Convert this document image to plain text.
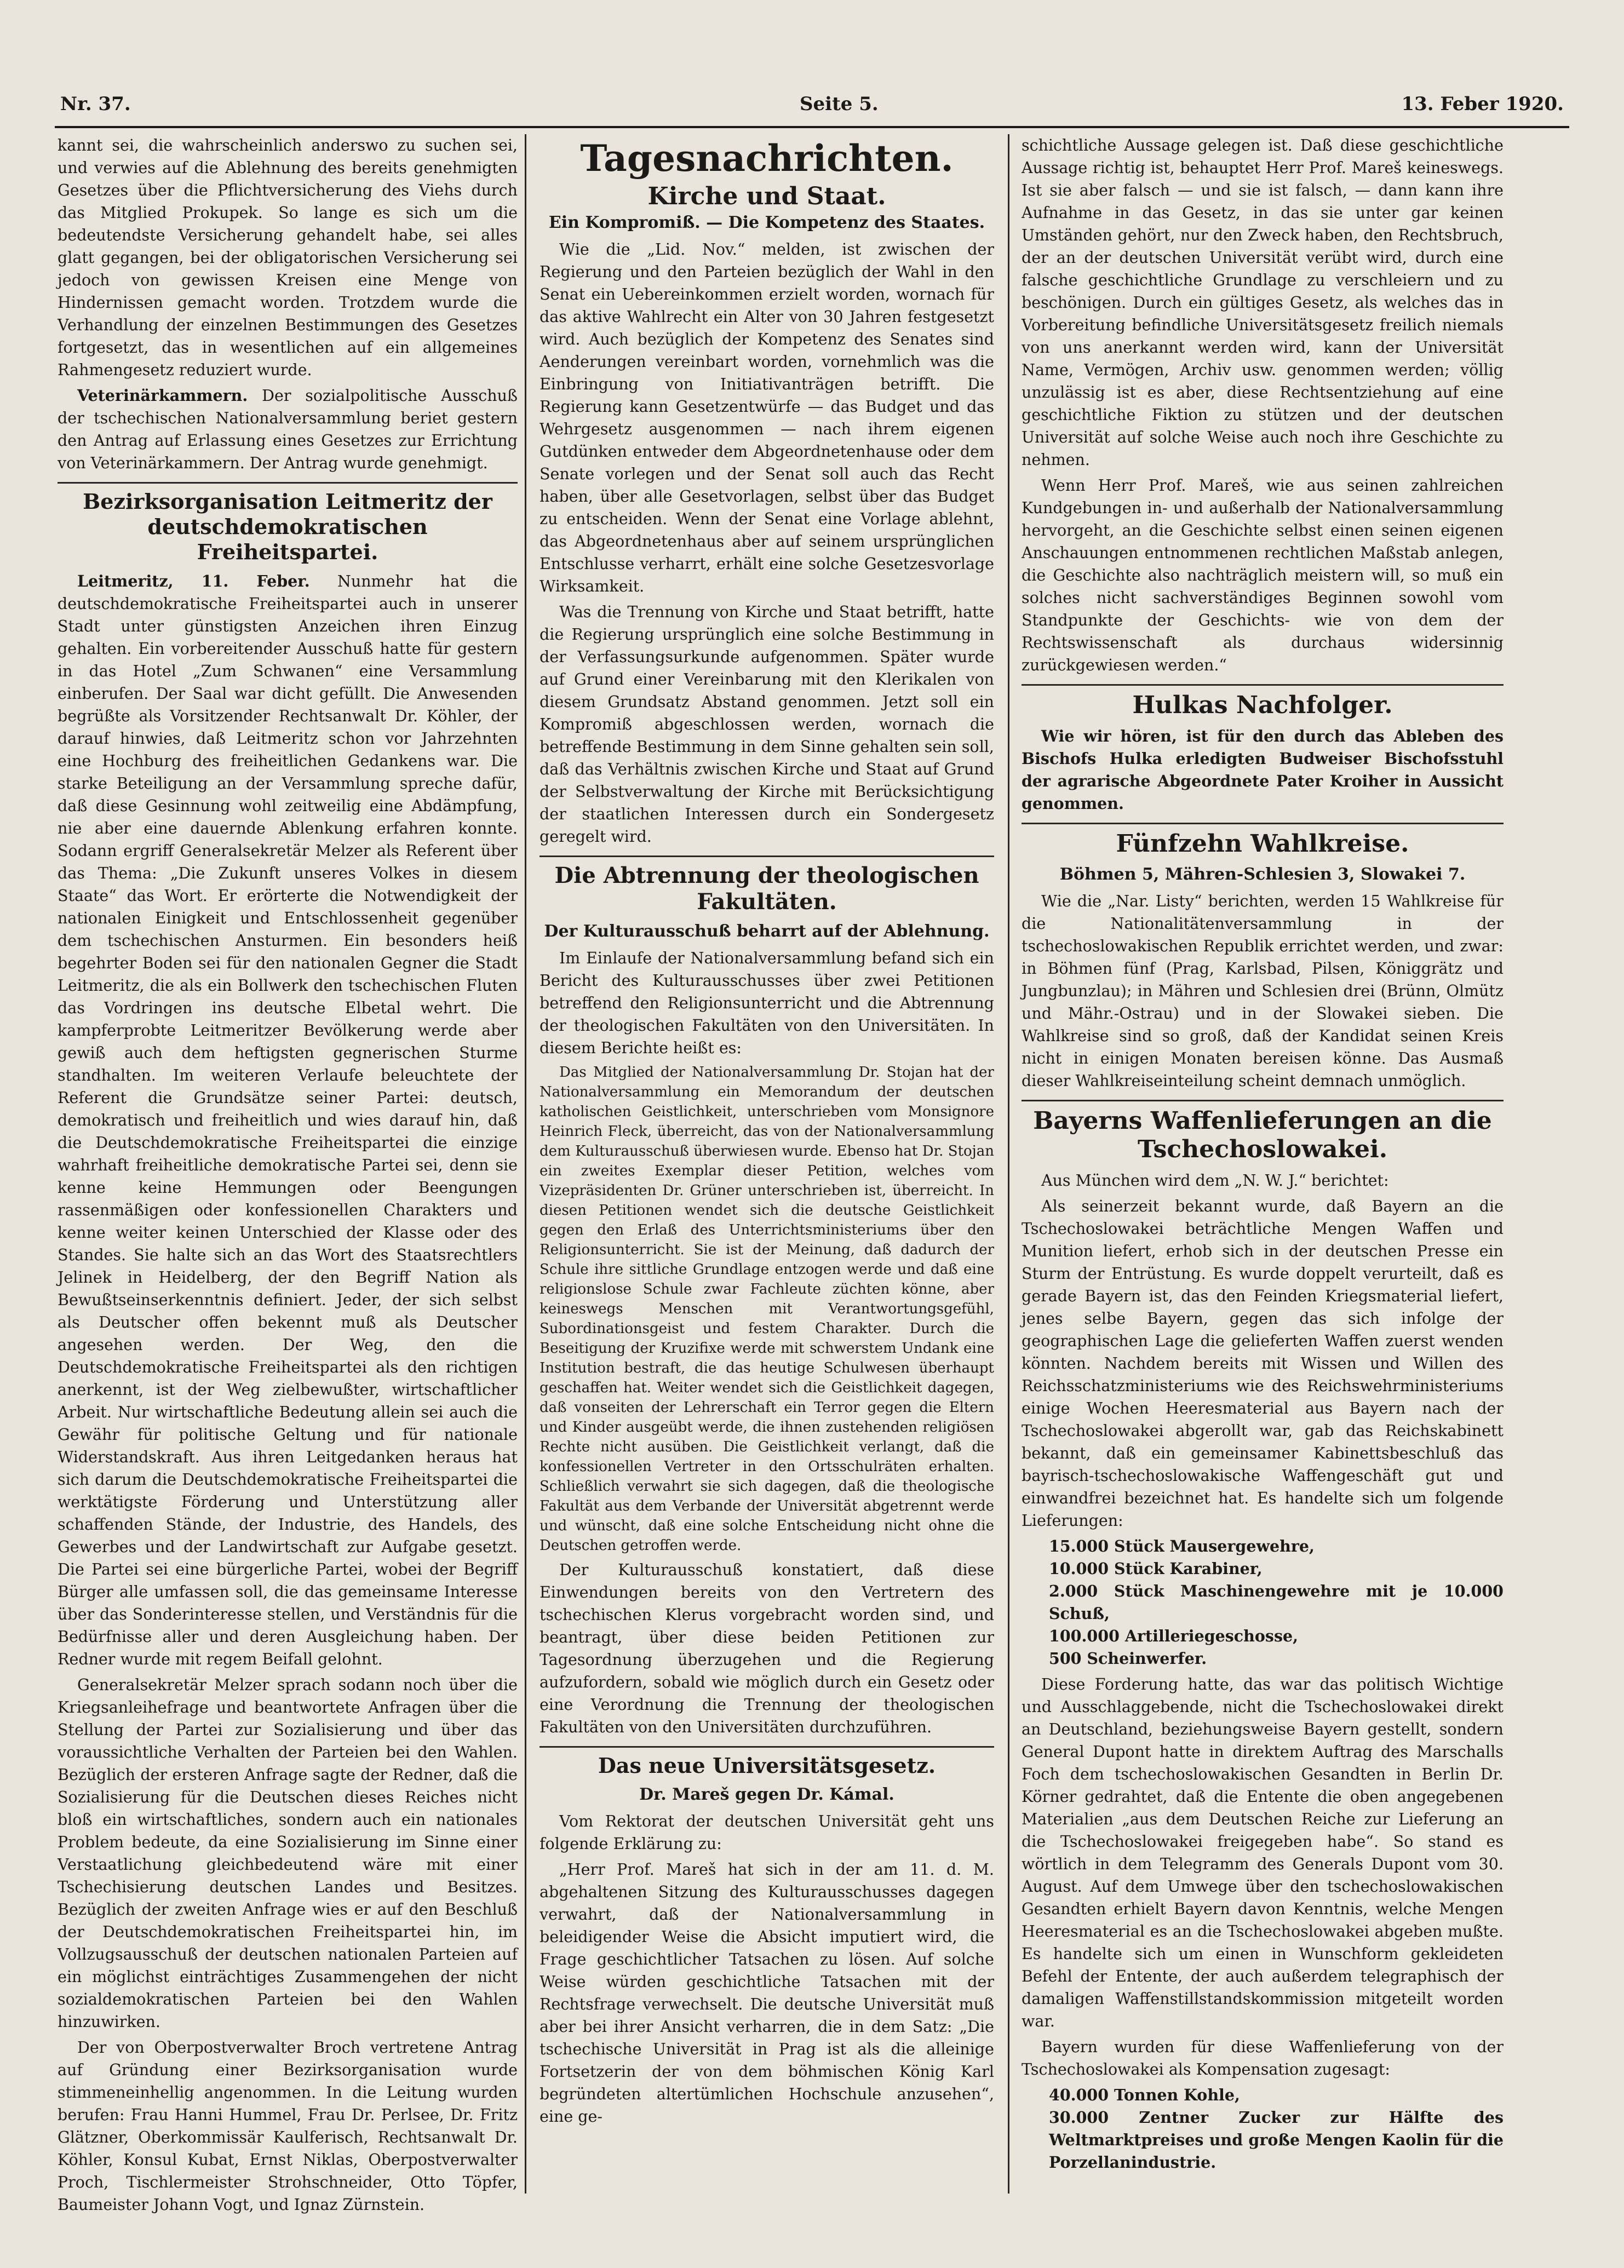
Nr. 37.	Seite 5.	13. Feber 1920.

kannt sei, die wahrscheinlich anderswo zu suchen sei, und verwies auf die Ablehnung des bereits genehmigten Gesetzes über die Pflichtversicherung des Viehs durch das Mitglied Prokupek. So lange es sich um die bedeutendste Versicherung gehandelt habe, sei alles glatt gegangen, bei der obligatorischen Versicherung sei jedoch von gewissen Kreisen eine Menge von Hindernissen gemacht worden. Trotzdem wurde die Verhandlung der einzelnen Bestimmungen des Gesetzes fortgesetzt, das in wesentlichen auf ein allgemeines Rahmengesetz reduziert wurde.

Veterinärkammern. Der sozialpolitische Ausschuß der tschechischen Nationalversammlung beriet gestern den Antrag auf Erlassung eines Gesetzes zur Errichtung von Veterinärkammern. Der Antrag wurde genehmigt.

Bezirksorganisation Leitmeritz der deutschdemokratischen Freiheitspartei.

Leitmeritz, 11. Feber. Nunmehr hat die deutschdemokratische Freiheitspartei auch in unserer Stadt unter günstigsten Anzeichen ihren Einzug gehalten. Ein vorbereitender Ausschuß hatte für gestern in das Hotel „Zum Schwanen“ eine Versammlung einberufen. Der Saal war dicht gefüllt. Die Anwesenden begrüßte als Vorsitzender Rechtsanwalt Dr. Köhler, der darauf hinwies, daß Leitmeritz schon vor Jahrzehnten eine Hochburg des freiheitlichen Gedankens war. Die starke Beteiligung an der Versammlung spreche dafür, daß diese Gesinnung wohl zeitweilig eine Abdämpfung, nie aber eine dauernde Ablenkung erfahren konnte. Sodann ergriff Generalsekretär Melzer als Referent über das Thema: „Die Zukunft unseres Volkes in diesem Staate“ das Wort. Er erörterte die Notwendigkeit der nationalen Einigkeit und Entschlossenheit gegenüber dem tschechischen Ansturmen. Ein besonders heiß begehrter Boden sei für den nationalen Gegner die Stadt Leitmeritz, die als ein Bollwerk den tschechischen Fluten das Vordringen ins deutsche Elbetal wehrt. Die kampferprobte Leitmeritzer Bevölkerung werde aber gewiß auch dem heftigsten gegnerischen Sturme standhalten. Im weiteren Verlaufe beleuchtete der Referent die Grundsätze seiner Partei: deutsch, demokratisch und freiheitlich und wies darauf hin, daß die Deutschdemokratische Freiheitspartei die einzige wahrhaft freiheitliche demokratische Partei sei, denn sie kenne keine Hemmungen oder Beengungen rassenmäßigen oder konfessionellen Charakters und kenne weiter keinen Unterschied der Klasse oder des Standes. Sie halte sich an das Wort des Staatsrechtlers Jelinek in Heidelberg, der den Begriff Nation als Bewußtseinserkenntnis definiert. Jeder, der sich selbst als Deutscher offen bekennt muß als Deutscher angesehen werden. Der Weg, den die Deutschdemokratische Freiheitspartei als den richtigen anerkennt, ist der Weg zielbewußter, wirtschaftlicher Arbeit. Nur wirtschaftliche Bedeutung allein sei auch die Gewähr für politische Geltung und für nationale Widerstandskraft. Aus ihren Leitgedanken heraus hat sich darum die Deutschdemokratische Freiheitspartei die werktätigste Förderung und Unterstützung aller schaffenden Stände, der Industrie, des Handels, des Gewerbes und der Landwirtschaft zur Aufgabe gesetzt. Die Partei sei eine bürgerliche Partei, wobei der Begriff Bürger alle umfassen soll, die das gemeinsame Interesse über das Sonderinteresse stellen, und Verständnis für die Bedürfnisse aller und deren Ausgleichung haben. Der Redner wurde mit regem Beifall gelohnt.

Generalsekretär Melzer sprach sodann noch über die Kriegsanleihefrage und beantwortete Anfragen über die Stellung der Partei zur Sozialisierung und über das voraussichtliche Verhalten der Parteien bei den Wahlen. Bezüglich der ersteren Anfrage sagte der Redner, daß die Sozialisierung für die Deutschen dieses Reiches nicht bloß ein wirtschaftliches, sondern auch ein nationales Problem bedeute, da eine Sozialisierung im Sinne einer Verstaatlichung gleichbedeutend wäre mit einer Tschechisierung deutschen Landes und Besitzes. Bezüglich der zweiten Anfrage wies er auf den Beschluß der Deutschdemokratischen Freiheitspartei hin, im Vollzugsausschuß der deutschen nationalen Parteien auf ein möglichst einträchtiges Zusammengehen der nicht sozialdemokratischen Parteien bei den Wahlen hinzuwirken.

Der von Oberpostverwalter Broch vertretene Antrag auf Gründung einer Bezirksorganisation wurde stimmeneinhellig angenommen. In die Leitung wurden berufen: Frau Hanni Hummel, Frau Dr. Perlsee, Dr. Fritz Glätzner, Oberkommissär Kaulferisch, Rechtsanwalt Dr. Köhler, Konsul Kubat, Ernst Niklas, Oberpostverwalter Proch, Tischlermeister Strohschneider, Otto Töpfer, Baumeister Johann Vogt, und Ignaz Zürnstein.

Tagesnachrichten.
Kirche und Staat.
Ein Kompromiß. — Die Kompetenz des Staates.

Wie die „Lid. Nov.“ melden, ist zwischen der Regierung und den Parteien bezüglich der Wahl in den Senat ein Uebereinkommen erzielt worden, wornach für das aktive Wahlrecht ein Alter von 30 Jahren festgesetzt wird. Auch bezüglich der Kompetenz des Senates sind Aenderungen vereinbart worden, vornehmlich was die Einbringung von Initiativanträgen betrifft. Die Regierung kann Gesetzentwürfe — das Budget und das Wehrgesetz ausgenommen — nach ihrem eigenen Gutdünken entweder dem Abgeordnetenhause oder dem Senate vorlegen und der Senat soll auch das Recht haben, über alle Gesetvorlagen, selbst über das Budget zu entscheiden. Wenn der Senat eine Vorlage ablehnt, das Abgeordnetenhaus aber auf seinem ursprünglichen Entschlusse verharrt, erhält eine solche Gesetzesvorlage Wirksamkeit.

Was die Trennung von Kirche und Staat betrifft, hatte die Regierung ursprünglich eine solche Bestimmung in der Verfassungsurkunde aufgenommen. Später wurde auf Grund einer Vereinbarung mit den Klerikalen von diesem Grundsatz Abstand genommen. Jetzt soll ein Kompromiß abgeschlossen werden, wornach die betreffende Bestimmung in dem Sinne gehalten sein soll, daß das Verhältnis zwischen Kirche und Staat auf Grund der Selbstverwaltung der Kirche mit Berücksichtigung der staatlichen Interessen durch ein Sondergesetz geregelt wird.

Die Abtrennung der theologischen Fakultäten.
Der Kulturausschuß beharrt auf der Ablehnung.

Im Einlaufe der Nationalversammlung befand sich ein Bericht des Kulturausschusses über zwei Petitionen betreffend den Religionsunterricht und die Abtrennung der theologischen Fakultäten von den Universitäten. In diesem Berichte heißt es:

Das Mitglied der Nationalversammlung Dr. Stojan hat der Nationalversammlung ein Memorandum der deutschen katholischen Geistlichkeit, unterschrieben vom Monsignore Heinrich Fleck, überreicht, das von der Nationalversammlung dem Kulturausschuß überwiesen wurde. Ebenso hat Dr. Stojan ein zweites Exemplar dieser Petition, welches vom Vizepräsidenten Dr. Grüner unterschrieben ist, überreicht. In diesen Petitionen wendet sich die deutsche Geistlichkeit gegen den Erlaß des Unterrichtsministeriums über den Religionsunterricht. Sie ist der Meinung, daß dadurch der Schule ihre sittliche Grundlage entzogen werde und daß eine religionslose Schule zwar Fachleute züchten könne, aber keineswegs Menschen mit Verantwortungsgefühl, Subordinationsgeist und festem Charakter. Durch die Beseitigung der Kruzifixe werde mit schwerstem Undank eine Institution bestraft, die das heutige Schulwesen überhaupt geschaffen hat. Weiter wendet sich die Geistlichkeit dagegen, daß vonseiten der Lehrerschaft ein Terror gegen die Eltern und Kinder ausgeübt werde, die ihnen zustehenden religiösen Rechte nicht ausüben. Die Geistlichkeit verlangt, daß die konfessionellen Vertreter in den Ortsschulräten erhalten. Schließlich verwahrt sie sich dagegen, daß die theologische Fakultät aus dem Verbande der Universität abgetrennt werde und wünscht, daß eine solche Entscheidung nicht ohne die Deutschen getroffen werde.

Der Kulturausschuß konstatiert, daß diese Einwendungen bereits von den Vertretern des tschechischen Klerus vorgebracht worden sind, und beantragt, über diese beiden Petitionen zur Tagesordnung überzugehen und die Regierung aufzufordern, sobald wie möglich durch ein Gesetz oder eine Verordnung die Trennung der theologischen Fakultäten von den Universitäten durchzuführen.

Das neue Universitätsgesetz.
Dr. Mareš gegen Dr. Kámal.

Vom Rektorat der deutschen Universität geht uns folgende Erklärung zu:

„Herr Prof. Mareš hat sich in der am 11. d. M. abgehaltenen Sitzung des Kulturausschusses dagegen verwahrt, daß der Nationalversammlung in beleidigender Weise die Absicht imputiert wird, die Frage geschichtlicher Tatsachen zu lösen. Auf solche Weise würden geschichtliche Tatsachen mit der Rechtsfrage verwechselt. Die deutsche Universität muß aber bei ihrer Ansicht verharren, die in dem Satz: „Die tschechische Universität in Prag ist als die alleinige Fortsetzerin der von dem böhmischen König Karl begründeten altertümlichen Hochschule anzusehen“, eine ge-

schichtliche Aussage gelegen ist. Daß diese geschichtliche Aussage richtig ist, behauptet Herr Prof. Mareš keineswegs. Ist sie aber falsch — und sie ist falsch, — dann kann ihre Aufnahme in das Gesetz, in das sie unter gar keinen Umständen gehört, nur den Zweck haben, den Rechtsbruch, der an der deutschen Universität verübt wird, durch eine falsche geschichtliche Grundlage zu verschleiern und zu beschönigen. Durch ein gültiges Gesetz, als welches das in Vorbereitung befindliche Universitätsgesetz freilich niemals von uns anerkannt werden wird, kann der Universität Name, Vermögen, Archiv usw. genommen werden; völlig unzulässig ist es aber, diese Rechtsentziehung auf eine geschichtliche Fiktion zu stützen und der deutschen Universität auf solche Weise auch noch ihre Geschichte zu nehmen.

Wenn Herr Prof. Mareš, wie aus seinen zahlreichen Kundgebungen in- und außerhalb der Nationalversammlung hervorgeht, an die Geschichte selbst einen seinen eigenen Anschauungen entnommenen rechtlichen Maßstab anlegen, die Geschichte also nachträglich meistern will, so muß ein solches nicht sachverständiges Beginnen sowohl vom Standpunkte der Geschichts- wie von dem der Rechtswissenschaft als durchaus widersinnig zurückgewiesen werden.“

Hulkas Nachfolger.

Wie wir hören, ist für den durch das Ableben des Bischofs Hulka erledigten Budweiser Bischofsstuhl der agrarische Abgeordnete Pater Kroiher in Aussicht genommen.

Fünfzehn Wahlkreise.
Böhmen 5, Mähren-Schlesien 3, Slowakei 7.

Wie die „Nar. Listy“ berichten, werden 15 Wahlkreise für die Nationalitätenversammlung in der tschechoslowakischen Republik errichtet werden, und zwar: in Böhmen fünf (Prag, Karlsbad, Pilsen, Königgrätz und Jungbunzlau); in Mähren und Schlesien drei (Brünn, Olmütz und Mähr.-Ostrau) und in der Slowakei sieben. Die Wahlkreise sind so groß, daß der Kandidat seinen Kreis nicht in einigen Monaten bereisen könne. Das Ausmaß dieser Wahlkreiseinteilung scheint demnach unmöglich.

Bayerns Waffenlieferungen an die Tschechoslowakei.

Aus München wird dem „N. W. J.“ berichtet:

Als seinerzeit bekannt wurde, daß Bayern an die Tschechoslowakei beträchtliche Mengen Waffen und Munition liefert, erhob sich in der deutschen Presse ein Sturm der Entrüstung. Es wurde doppelt verurteilt, daß es gerade Bayern ist, das den Feinden Kriegsmaterial liefert, jenes selbe Bayern, gegen das sich infolge der geographischen Lage die gelieferten Waffen zuerst wenden könnten. Nachdem bereits mit Wissen und Willen des Reichsschatzministeriums wie des Reichswehrministeriums einige Wochen Heeresmaterial aus Bayern nach der Tschechoslowakei abgerollt war, gab das Reichskabinett bekannt, daß ein gemeinsamer Kabinettsbeschluß das bayrisch-tschechoslowakische Waffengeschäft gut und einwandfrei bezeichnet hat. Es handelte sich um folgende Lieferungen:

15.000 Stück Mausergewehre,
10.000 Stück Karabiner,
2.000 Stück Maschinengewehre mit je 10.000 Schuß,
100.000 Artilleriegeschosse,
500 Scheinwerfer.

Diese Forderung hatte, das war das politisch Wichtige und Ausschlaggebende, nicht die Tschechoslowakei direkt an Deutschland, beziehungsweise Bayern gestellt, sondern General Dupont hatte in direktem Auftrag des Marschalls Foch dem tschechoslowakischen Gesandten in Berlin Dr. Körner gedrahtet, daß die Entente die oben angegebenen Materialien „aus dem Deutschen Reiche zur Lieferung an die Tschechoslowakei freigegeben habe“. So stand es wörtlich in dem Telegramm des Generals Dupont vom 30. August. Auf dem Umwege über den tschechoslowakischen Gesandten erhielt Bayern davon Kenntnis, welche Mengen Heeresmaterial es an die Tschechoslowakei abgeben mußte. Es handelte sich um einen in Wunschform gekleideten Befehl der Entente, der auch außerdem telegraphisch der damaligen Waffenstillstandskommission mitgeteilt worden war.

Bayern wurden für diese Waffenlieferung von der Tschechoslowakei als Kompensation zugesagt:

40.000 Tonnen Kohle,
30.000 Zentner Zucker zur Hälfte des Weltmarktpreises und große Mengen Kaolin für die Porzellanindustrie.
